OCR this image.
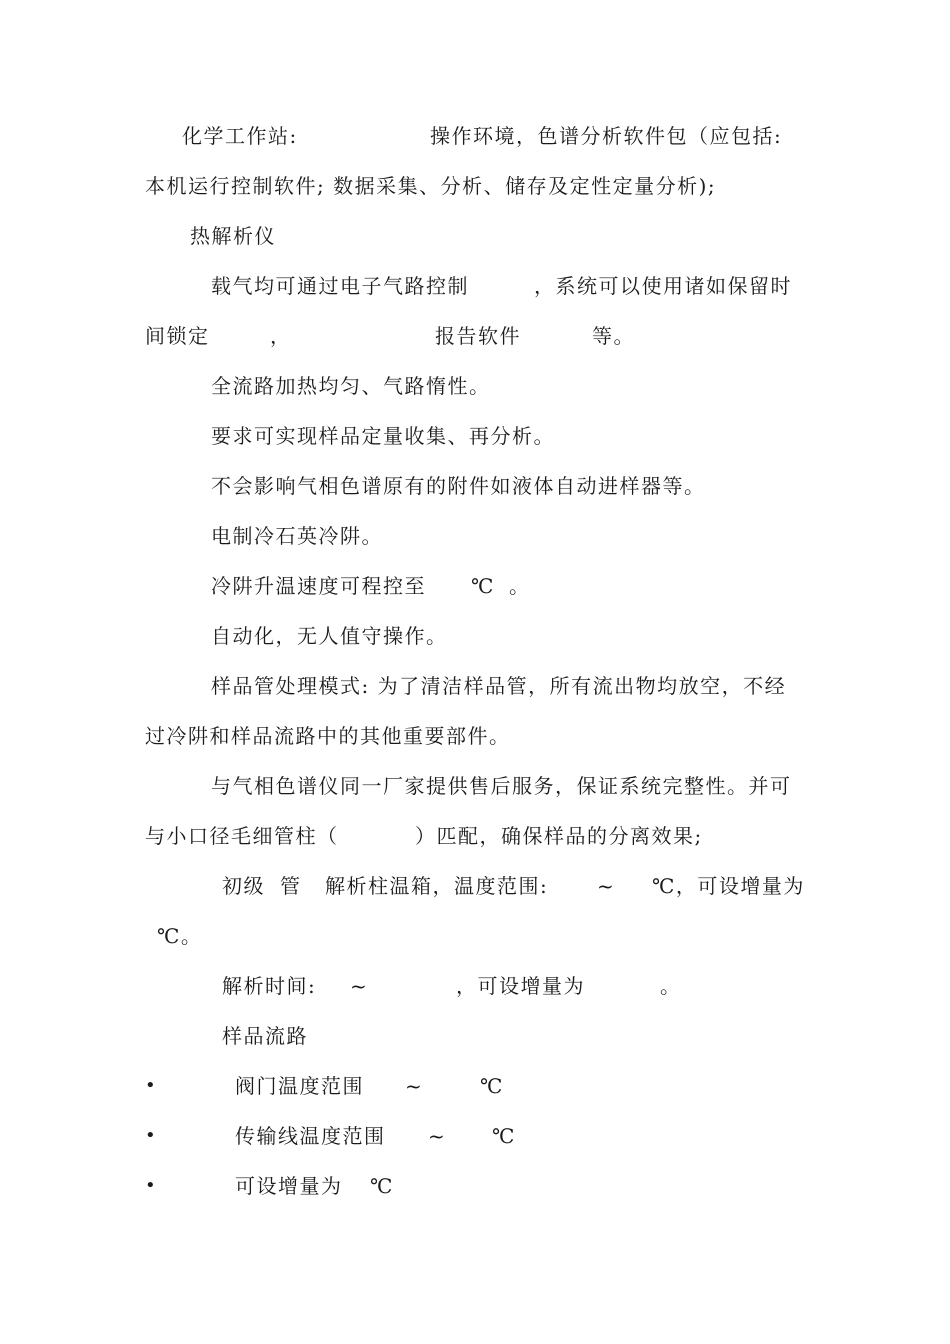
化学工作站:	操作环境，色谱分析软件包（应包括:
本机运行控制软件; 数据采集、分析、储存及定性定量分析);
热解析仪
载气均可通过电子气路控制	，系统可以使用诸如保留时
间锁定	，	报告软件	等。
全流路加热均匀、气路惰性。
要求可实现样品定量收集、再分析。
不会影响气相色谱原有的附件如液体自动进样器等。
电制冷石英冷阱。
冷阱升温速度可程控至 ℃ 。
自动化，无人值守操作。
样品管处理模式: 为了清洁样品管，所有流出物均放空，不经
过冷阱和样品流路中的其他重要部件。
与气相色谱仪同一厂家提供售后服务，保证系统完整性。并可
与小口径毛细管柱（	）匹配，确保样品的分离效果;
初级 管 解析柱温箱，温度范围: ~ ℃，可设增量为
℃。
解析时间: ~	，可设增量为	。
样品流路
•	阀门温度范围 ~	℃
•	传输线温度范围 ~ ℃
•	可设增量为 ℃
